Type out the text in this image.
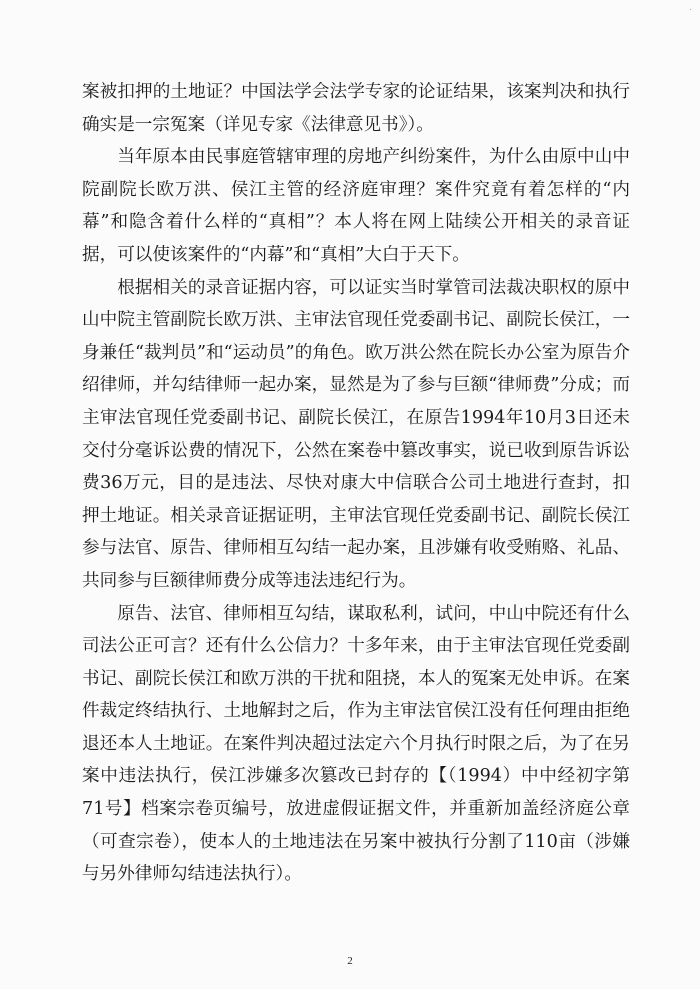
·

案被扣押的土地证？中国法学会法学专家的论证结果，该案判决和执行确实是一宗冤案（详见专家《法律意见书》）。

当年原本由民事庭管辖审理的房地产纠纷案件，为什么由原中山中院副院长欧万洪、侯江主管的经济庭审理？案件究竟有着怎样的“内幕”和隐含着什么样的“真相”？本人将在网上陆续公开相关的录音证据，可以使该案件的“内幕”和“真相”大白于天下。

根据相关的录音证据内容，可以证实当时掌管司法裁决职权的原中山中院主管副院长欧万洪、主审法官现任党委副书记、副院长侯江，一身兼任“裁判员”和“运动员”的角色。欧万洪公然在院长办公室为原告介绍律师，并勾结律师一起办案，显然是为了参与巨额“律师费”分成；而主审法官现任党委副书记、副院长侯江，在原告1994年10月3日还未交付分毫诉讼费的情况下，公然在案卷中篡改事实，说已收到原告诉讼费36万元，目的是违法、尽快对康大中信联合公司土地进行查封，扣押土地证。相关录音证据证明，主审法官现任党委副书记、副院长侯江参与法官、原告、律师相互勾结一起办案，且涉嫌有收受贿赂、礼品、共同参与巨额律师费分成等违法违纪行为。

原告、法官、律师相互勾结，谋取私利，试问，中山中院还有什么司法公正可言？还有什么公信力？十多年来，由于主审法官现任党委副书记、副院长侯江和欧万洪的干扰和阻挠，本人的冤案无处申诉。在案件裁定终结执行、土地解封之后，作为主审法官侯江没有任何理由拒绝退还本人土地证。在案件判决超过法定六个月执行时限之后，为了在另案中违法执行，侯江涉嫌多次篡改已封存的【（1994）中中经初字第71号】档案宗卷页编号，放进虚假证据文件，并重新加盖经济庭公章（可查宗卷），使本人的土地违法在另案中被执行分割了110亩（涉嫌与另外律师勾结违法执行）。

2
